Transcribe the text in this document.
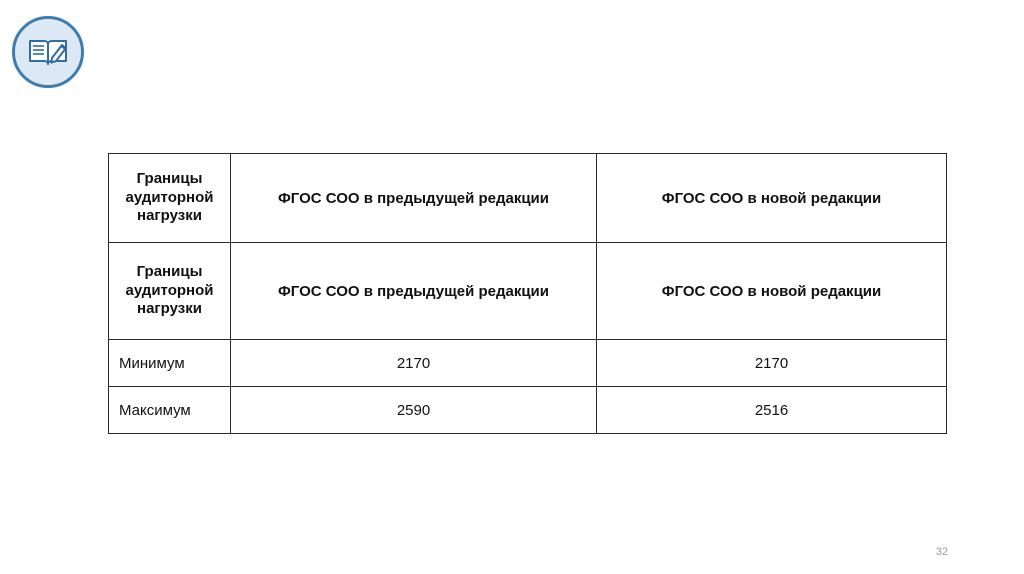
Границы аудиторной нагрузки	ФГОС СОО в предыдущей редакции	ФГОС СОО в новой редакции
Границы аудиторной нагрузки	ФГОС СОО в предыдущей редакции	ФГОС СОО в новой редакции
Минимум	2170	2170
Максимум	2590	2516
32
